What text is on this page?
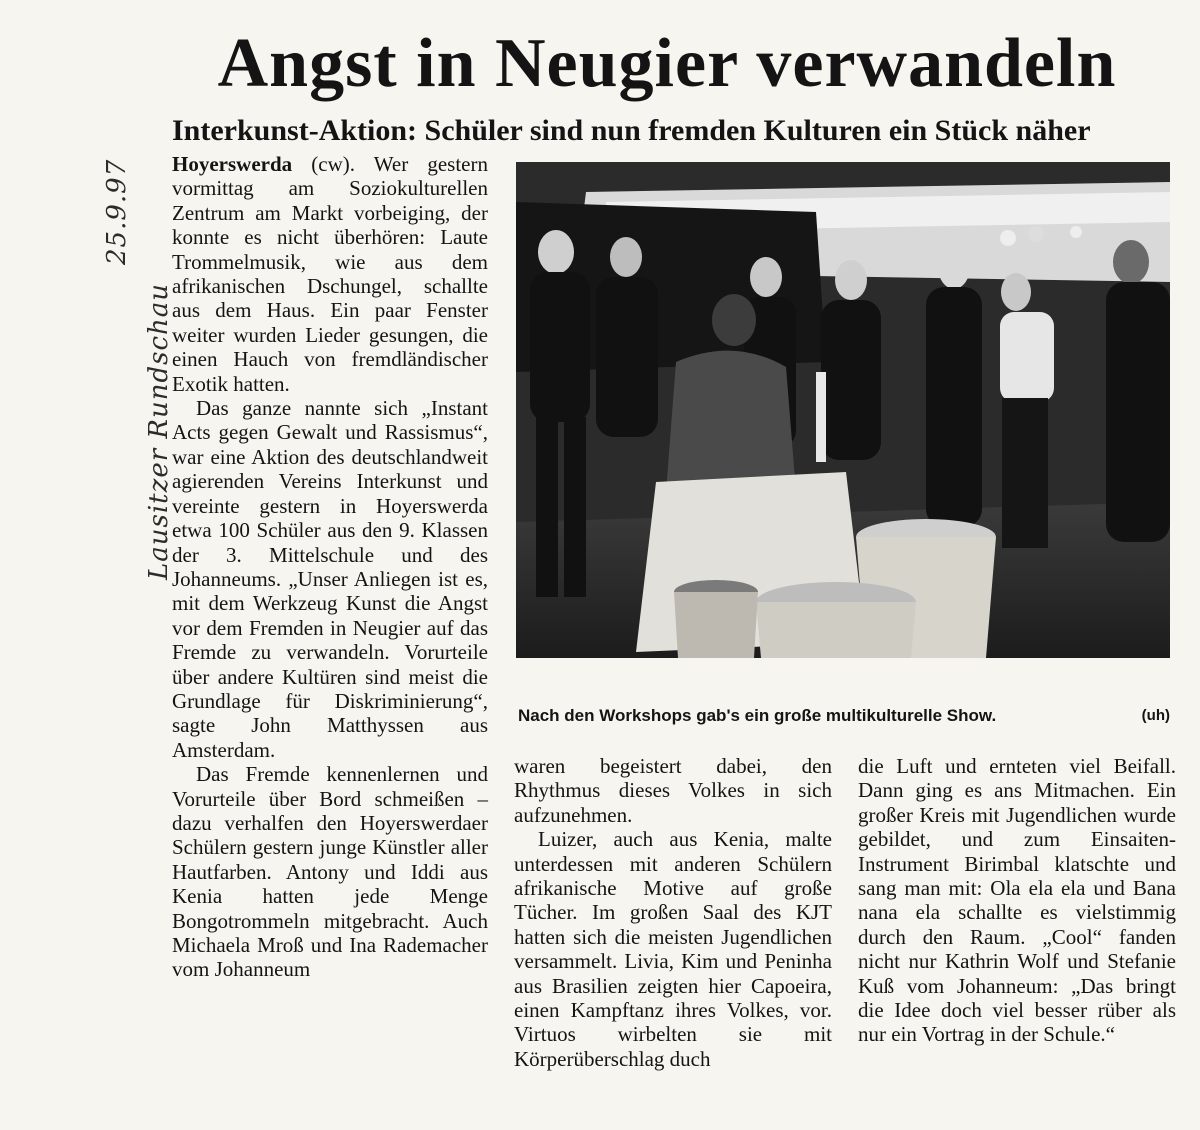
25.9.97
Lausitzer Rundschau
Angst in Neugier verwandeln
Interkunst-Aktion: Schüler sind nun fremden Kulturen ein Stück näher

Hoyerswerda (cw). Wer gestern vormittag am Soziokulturellen Zentrum am Markt vorbeiging, der konnte es nicht überhören: Laute Trommelmusik, wie aus dem afrikanischen Dschungel, schallte aus dem Haus. Ein paar Fenster weiter wurden Lieder gesungen, die einen Hauch von fremdländischer Exotik hatten.

Das ganze nannte sich „Instant Acts gegen Gewalt und Rassismus“, war eine Aktion des deutschlandweit agierenden Vereins Interkunst und vereinte gestern in Hoyerswerda etwa 100 Schüler aus den 9. Klassen der 3. Mittelschule und des Johanneums. „Unser Anliegen ist es, mit dem Werkzeug Kunst die Angst vor dem Fremden in Neugier auf das Fremde zu verwandeln. Vorurteile über andere Kultüren sind meist die Grundlage für Diskriminierung“, sagte John Matthyssen aus Amsterdam.

Das Fremde kennenlernen und Vorurteile über Bord schmeißen – dazu verhalfen den Hoyerswerdaer Schülern gestern junge Künstler aller Hautfarben. Antony und Iddi aus Kenia hatten jede Menge Bongotrommeln mitgebracht. Auch Michaela Mroß und Ina Rademacher vom Johanneum

Nach den Workshops gab's ein große multikulturelle Show.	(uh)

waren begeistert dabei, den Rhythmus dieses Volkes in sich aufzunehmen.

Luizer, auch aus Kenia, malte unterdessen mit anderen Schülern afrikanische Motive auf große Tücher. Im großen Saal des KJT hatten sich die meisten Jugendlichen versammelt. Livia, Kim und Peninha aus Brasilien zeigten hier Capoeira, einen Kampftanz ihres Volkes, vor. Virtuos wirbelten sie mit Körperüberschlag duch

die Luft und ernteten viel Beifall. Dann ging es ans Mitmachen. Ein großer Kreis mit Jugendlichen wurde gebildet, und zum Einsaiten-Instrument Birimbal klatschte und sang man mit: Ola ela ela und Bana nana ela schallte es vielstimmig durch den Raum. „Cool“ fanden nicht nur Kathrin Wolf und Stefanie Kuß vom Johanneum: „Das bringt die Idee doch viel besser rüber als nur ein Vortrag in der Schule.“
